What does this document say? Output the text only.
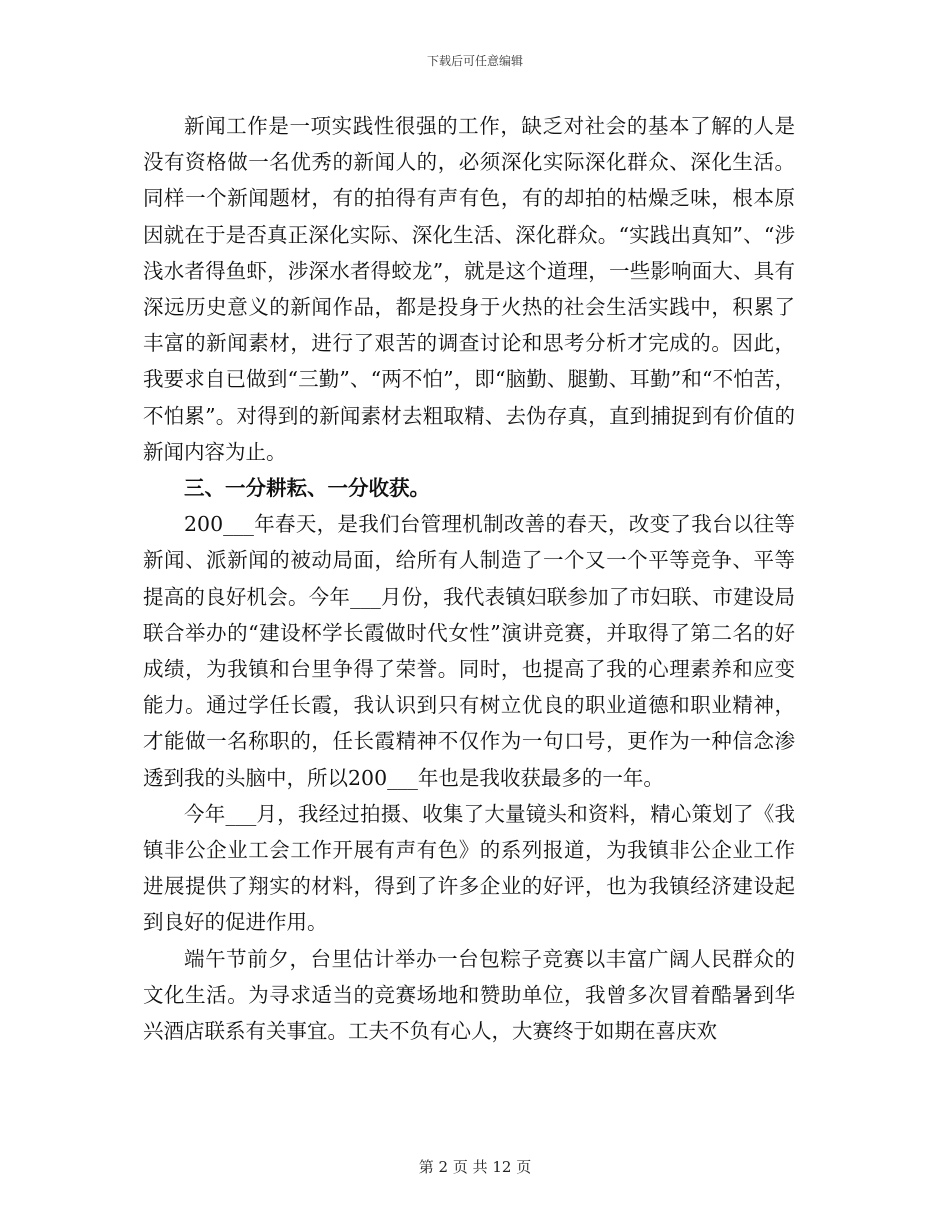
下载后可任意编辑

新闻工作是一项实践性很强的工作，缺乏对社会的基本了解的人是没有资格做一名优秀的新闻人的，必须深化实际深化群众、深化生活。同样一个新闻题材，有的拍得有声有色，有的却拍的枯燥乏味，根本原因就在于是否真正深化实际、深化生活、深化群众。“实践出真知”、“涉浅水者得鱼虾，涉深水者得蛟龙”，就是这个道理，一些影响面大、具有深远历史意义的新闻作品，都是投身于火热的社会生活实践中，积累了丰富的新闻素材，进行了艰苦的调查讨论和思考分析才完成的。因此，我要求自已做到“三勤”、“两不怕”，即“脑勤、腿勤、耳勤”和“不怕苦，不怕累”。对得到的新闻素材去粗取精、去伪存真，直到捕捉到有价值的新闻内容为止。

三、一分耕耘、一分收获。

200___年春天，是我们台管理机制改善的春天，改变了我台以往等新闻、派新闻的被动局面，给所有人制造了一个又一个平等竞争、平等提高的良好机会。今年___月份，我代表镇妇联参加了市妇联、市建设局联合举办的“建设杯学长霞做时代女性”演讲竞赛，并取得了第二名的好成绩，为我镇和台里争得了荣誉。同时，也提高了我的心理素养和应变能力。通过学任长霞，我认识到只有树立优良的职业道德和职业精神，才能做一名称职的，任长霞精神不仅作为一句口号，更作为一种信念渗透到我的头脑中，所以200___年也是我收获最多的一年。

今年___月，我经过拍摄、收集了大量镜头和资料，精心策划了《我镇非公企业工会工作开展有声有色》的系列报道，为我镇非公企业工作进展提供了翔实的材料，得到了许多企业的好评，也为我镇经济建设起到良好的促进作用。

端午节前夕，台里估计举办一台包粽子竞赛以丰富广阔人民群众的文化生活。为寻求适当的竞赛场地和赞助单位，我曾多次冒着酷暑到华兴酒店联系有关事宜。工夫不负有心人，大赛终于如期在喜庆欢

第 2 页 共 12 页
